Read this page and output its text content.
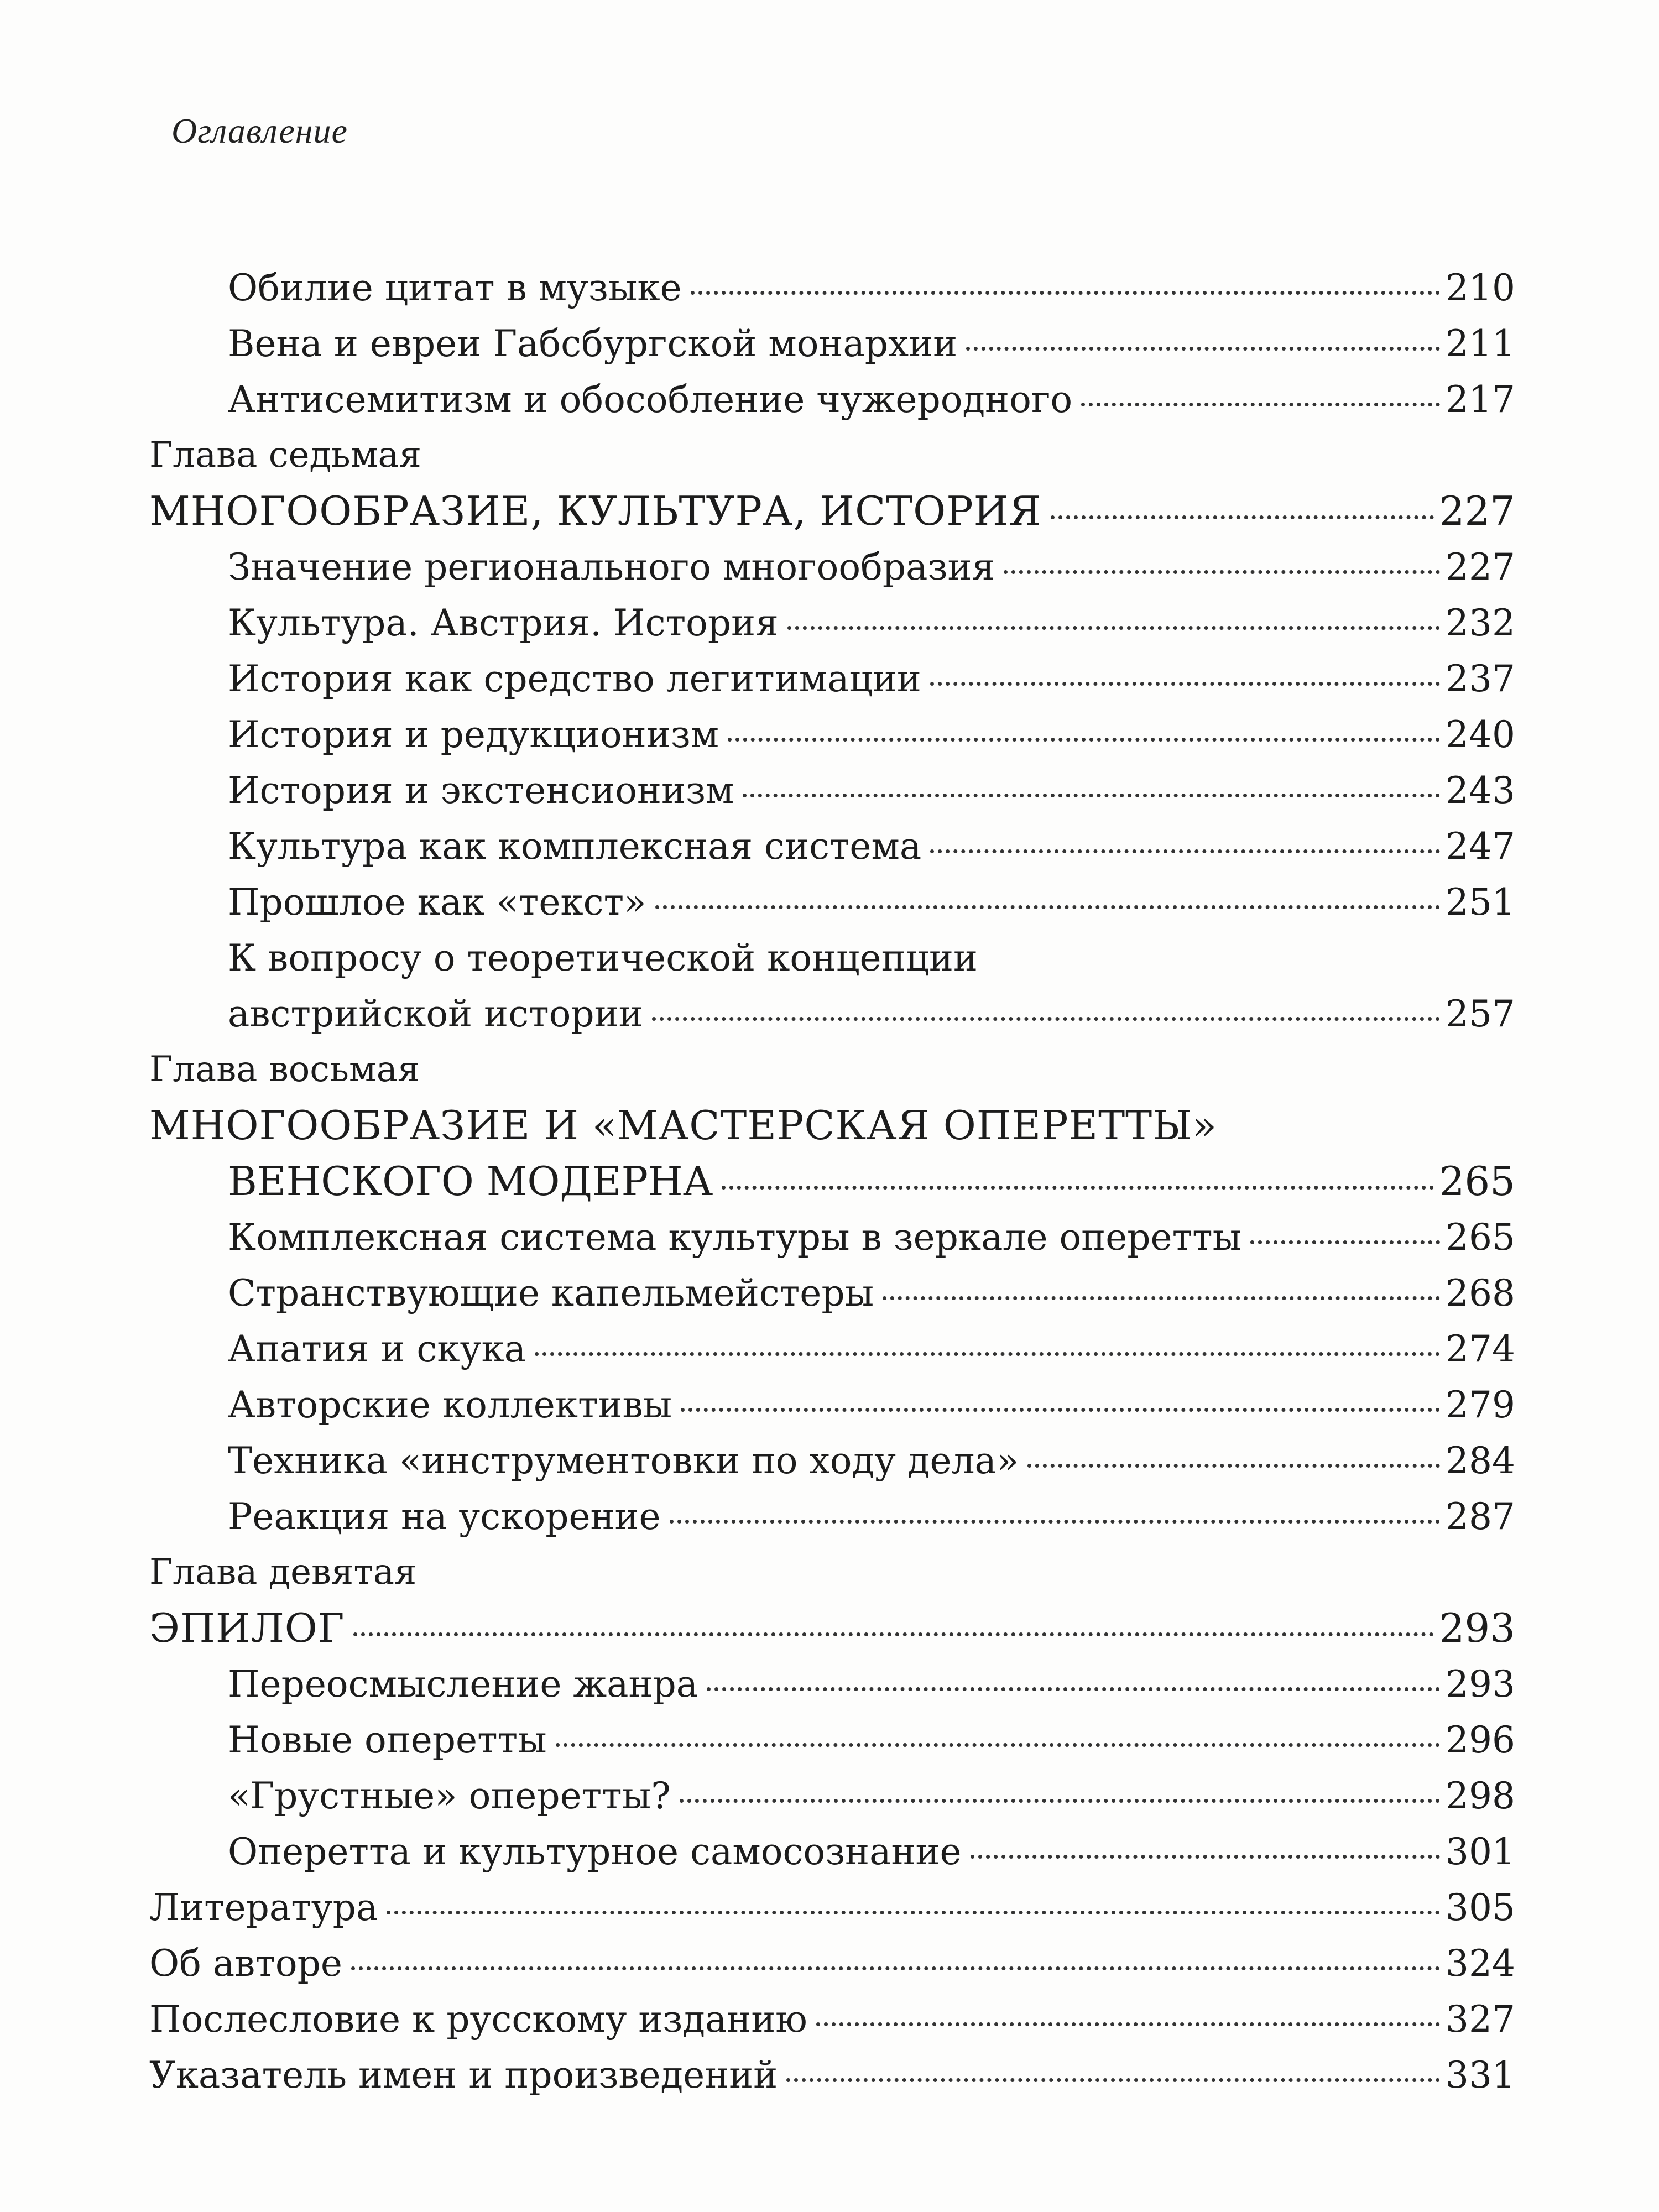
Оглавление
Обилие цитат в музыке	210
Вена и евреи Габсбургской монархии	211
Антисемитизм и обособление чужеродного	217
Глава седьмая
МНОГООБРАЗИЕ, КУЛЬТУРА, ИСТОРИЯ	227
Значение регионального многообразия	227
Культура. Австрия. История	232
История как средство легитимации	237
История и редукционизм	240
История и экстенсионизм	243
Культура как комплексная система	247
Прошлое как «текст»	251
К вопросу о теоретической концепции
австрийской истории	257
Глава восьмая
МНОГООБРАЗИЕ И «МАСТЕРСКАЯ ОПЕРЕТТЫ»
ВЕНСКОГО МОДЕРНА	265
Комплексная система культуры в зеркале оперетты	265
Странствующие капельмейстеры	268
Апатия и скука	274
Авторские коллективы	279
Техника «инструментовки по ходу дела»	284
Реакция на ускорение	287
Глава девятая
ЭПИЛОГ	293
Переосмысление жанра	293
Новые оперетты	296
«Грустные» оперетты?	298
Оперетта и культурное самосознание	301
Литература	305
Об авторе	324
Послесловие к русскому изданию	327
Указатель имен и произведений	331
